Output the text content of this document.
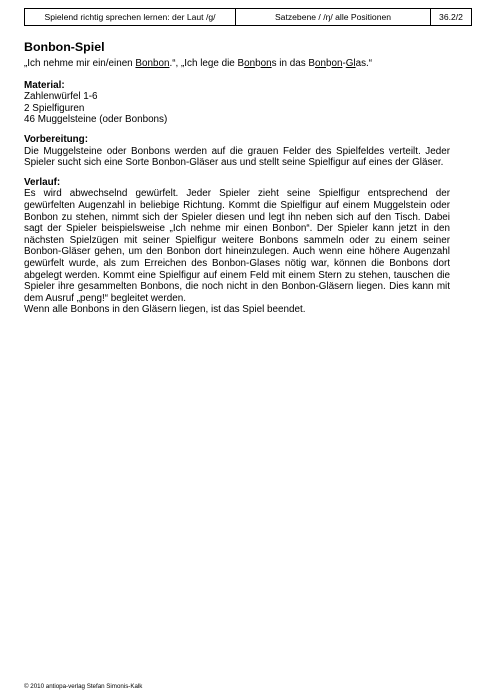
Spielend richtig sprechen lernen: der Laut /g/	Satzebene / /ŋ/ alle Positionen	36.2/2
Bonbon-Spiel
„Ich nehme mir ein/einen Bonbon.“, „Ich lege die Bonbons in das Bonbon-Glas.“
Material:
Zahlenwürfel 1-6
2 Spielfiguren
46 Muggelsteine (oder Bonbons)
Vorbereitung:

Die Muggelsteine oder Bonbons werden auf die grauen Felder des Spielfeldes verteilt. Jeder Spieler sucht sich eine Sorte Bonbon-Gläser aus und stellt seine Spielfigur auf eines der Gläser.

Verlauf:

Es wird abwechselnd gewürfelt. Jeder Spieler zieht seine Spielfigur entsprechend der gewürfelten Augenzahl in beliebige Richtung. Kommt die Spielfigur auf einem Muggelstein oder Bonbon zu stehen, nimmt sich der Spieler diesen und legt ihn neben sich auf den Tisch. Dabei sagt der Spieler beispielsweise „Ich nehme mir einen Bonbon“. Der Spieler kann jetzt in den nächsten Spielzügen mit seiner Spielfigur weitere Bonbons sammeln oder zu einem seiner Bonbon-Gläser gehen, um den Bonbon dort hineinzulegen. Auch wenn eine höhere Augenzahl gewürfelt wurde, als zum Erreichen des Bonbon-Glases nötig war, können die Bonbons dort abgelegt werden. Kommt eine Spielfigur auf einem Feld mit einem Stern zu stehen, tauschen die Spieler ihre gesammelten Bonbons, die noch nicht in den Bonbon-Gläsern liegen. Dies kann mit dem Ausruf „peng!“ begleitet werden.

Wenn alle Bonbons in den Gläsern liegen, ist das Spiel beendet.

© 2010 antiopa-verlag Stefan Simonis-Kalk
